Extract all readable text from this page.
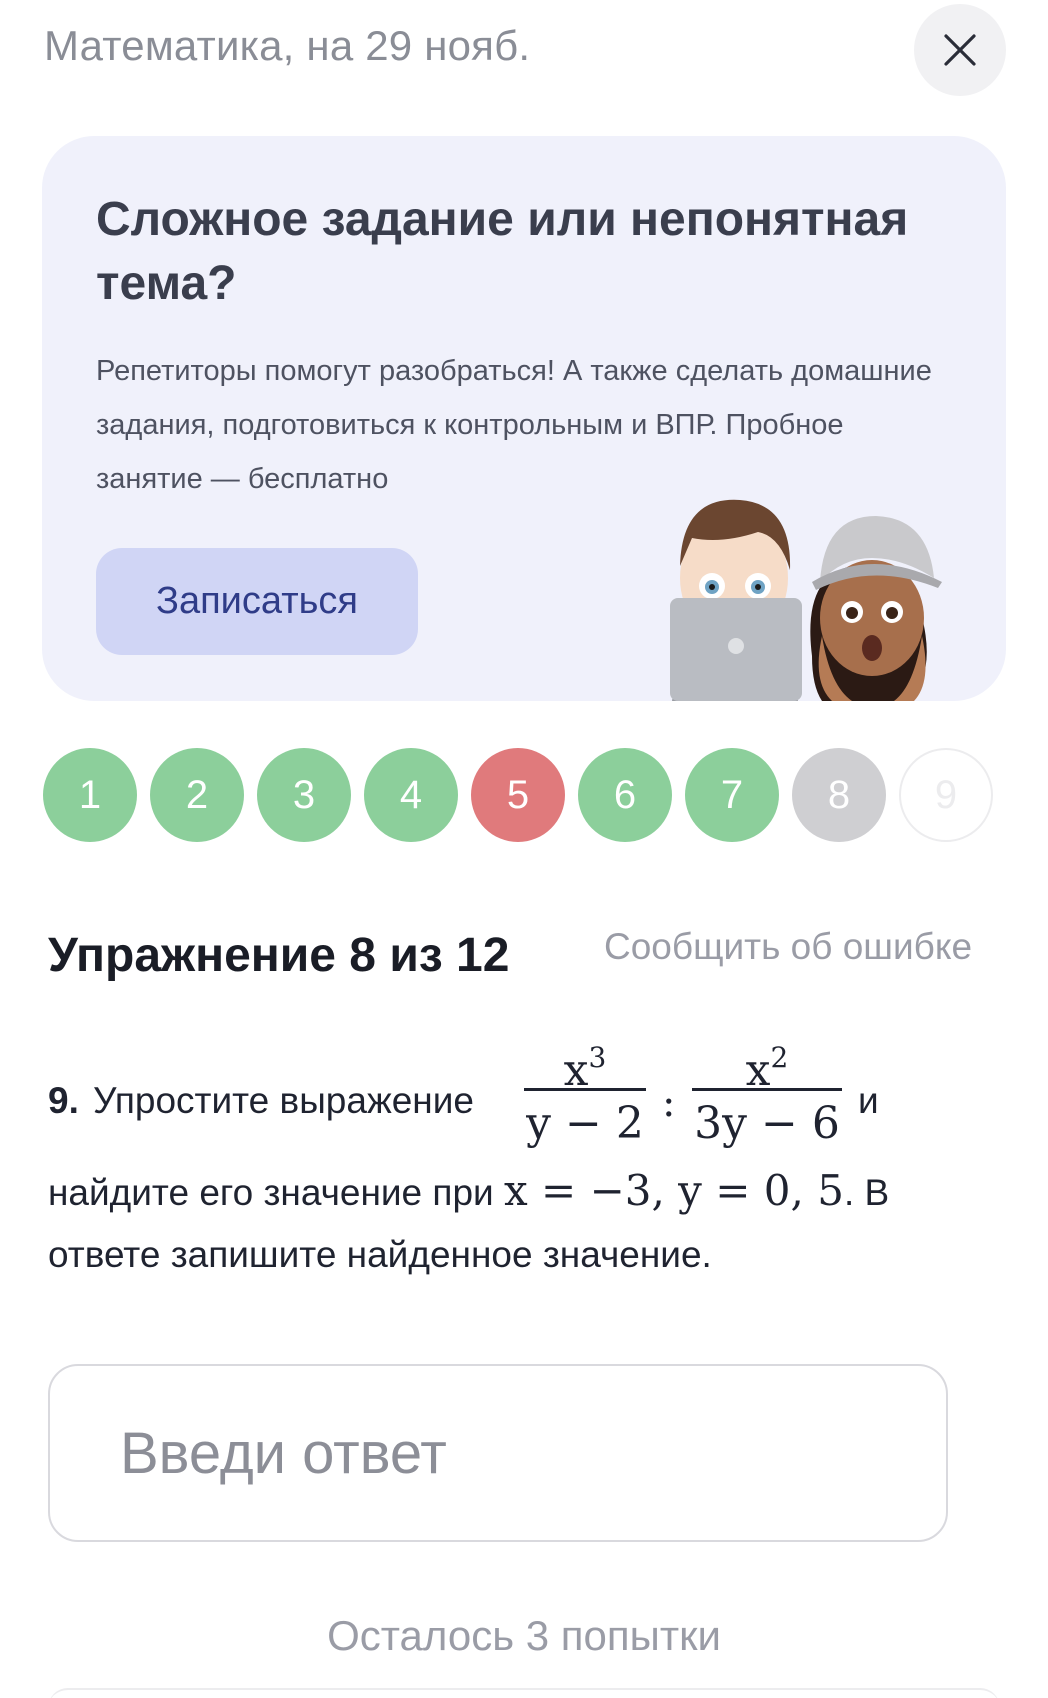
Математика, на 29 нояб.
Сложное задание или непонятная тема?
Репетиторы помогут разобраться! А также сделать домашние задания, подготовиться к контрольным и ВПР. Пробное занятие — бесплатно
Записаться
1 2 3 4 5 6 7 8 9
Упражнение 8 из 12	Сообщить об ошибке
9. Упростите выражение
$x^3$
y − 2 :
$x^2$
3y − 6 и
найдите его значение при x = −3, y = 0, 5. В
ответе запишите найденное значение.
Введи ответ
Осталось 3 попытки
